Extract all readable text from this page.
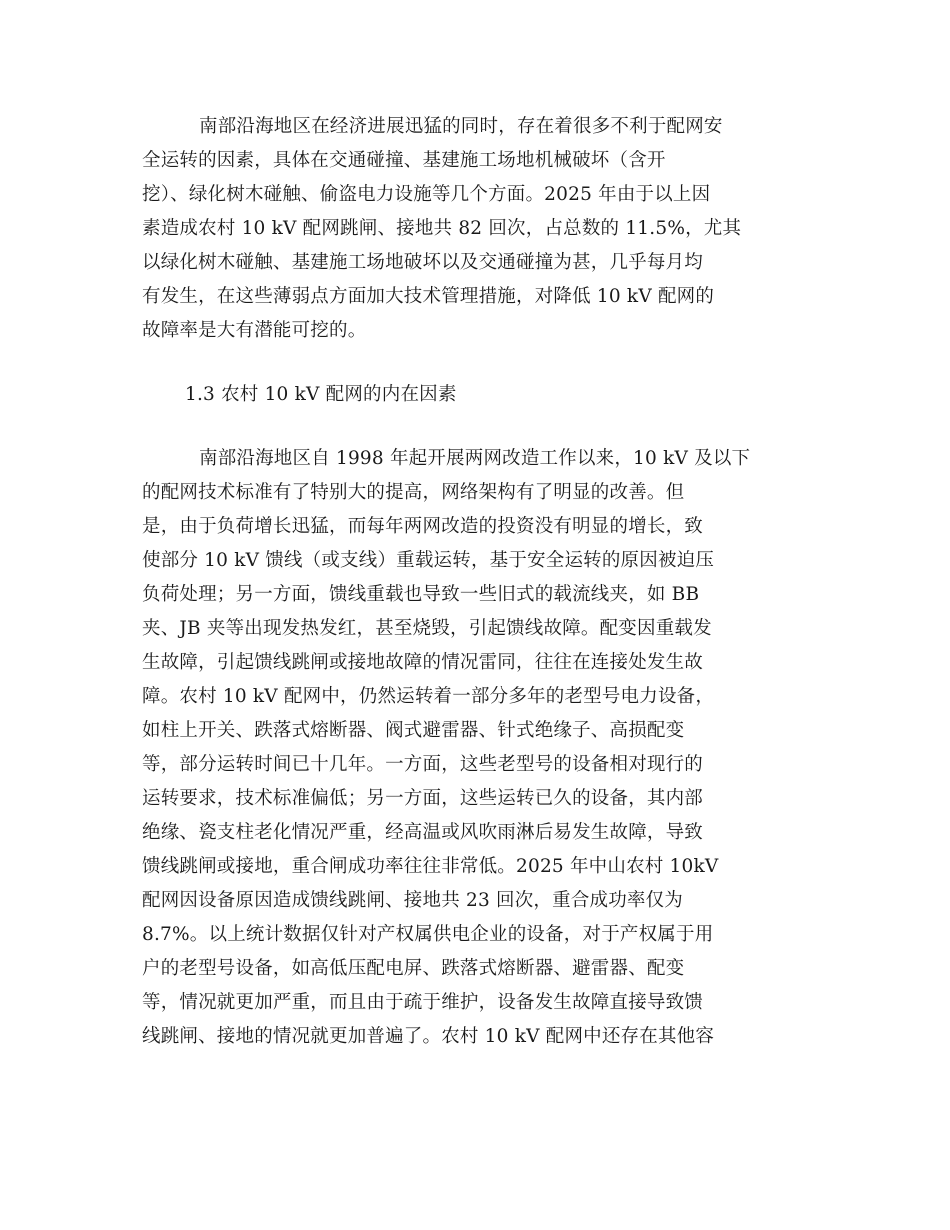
南部沿海地区在经济进展迅猛的同时，存在着很多不利于配网安
全运转的因素，具体在交通碰撞、基建施工场地机械破坏（含开
挖）、绿化树木碰触、偷盗电力设施等几个方面。2025 年由于以上因
素造成农村 10 kV 配网跳闸、接地共 82 回次，占总数的 11.5%，尤其
以绿化树木碰触、基建施工场地破坏以及交通碰撞为甚，几乎每月均
有发生，在这些薄弱点方面加大技术管理措施，对降低 10 kV 配网的
故障率是大有潜能可挖的。
1.3 农村 10 kV 配网的内在因素
南部沿海地区自 1998 年起开展两网改造工作以来，10 kV 及以下
的配网技术标准有了特别大的提高，网络架构有了明显的改善。但
是，由于负荷增长迅猛，而每年两网改造的投资没有明显的增长，致
使部分 10 kV 馈线（或支线）重载运转，基于安全运转的原因被迫压
负荷处理；另一方面，馈线重载也导致一些旧式的载流线夹，如 BB
夹、JB 夹等出现发热发红，甚至烧毁，引起馈线故障。配变因重载发
生故障，引起馈线跳闸或接地故障的情况雷同，往往在连接处发生故
障。农村 10 kV 配网中，仍然运转着一部分多年的老型号电力设备，
如柱上开关、跌落式熔断器、阀式避雷器、针式绝缘子、高损配变
等，部分运转时间已十几年。一方面，这些老型号的设备相对现行的
运转要求，技术标准偏低；另一方面，这些运转已久的设备，其内部
绝缘、瓷支柱老化情况严重，经高温或风吹雨淋后易发生故障，导致
馈线跳闸或接地，重合闸成功率往往非常低。2025 年中山农村 10kV
配网因设备原因造成馈线跳闸、接地共 23 回次，重合成功率仅为
8.7%。以上统计数据仅针对产权属供电企业的设备，对于产权属于用
户的老型号设备，如高低压配电屏、跌落式熔断器、避雷器、配变
等，情况就更加严重，而且由于疏于维护，设备发生故障直接导致馈
线跳闸、接地的情况就更加普遍了。农村 10 kV 配网中还存在其他容
